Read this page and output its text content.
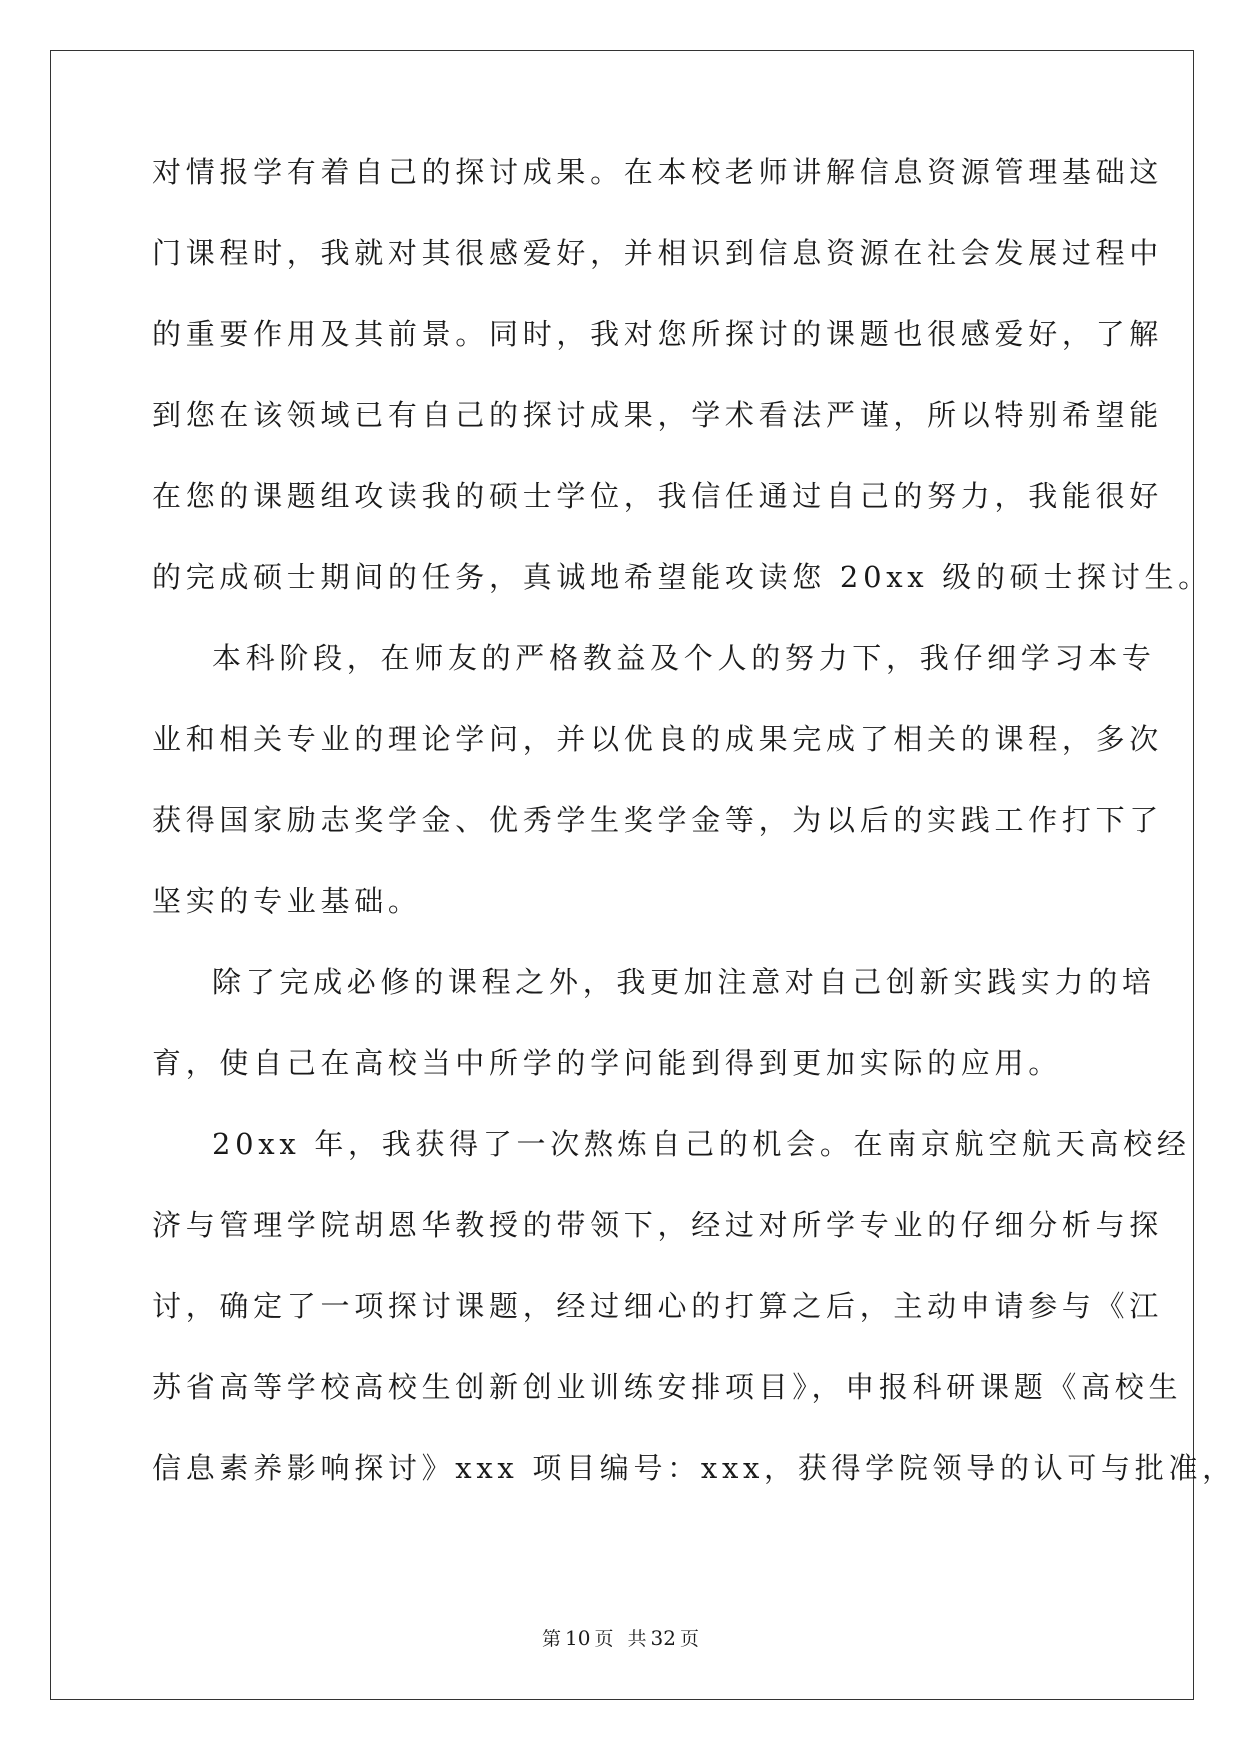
对情报学有着自己的探讨成果。在本校老师讲解信息资源管理基础这
门课程时，我就对其很感爱好，并相识到信息资源在社会发展过程中
的重要作用及其前景。同时，我对您所探讨的课题也很感爱好，了解
到您在该领域已有自己的探讨成果，学术看法严谨，所以特别希望能
在您的课题组攻读我的硕士学位，我信任通过自己的努力，我能很好
的完成硕士期间的任务，真诚地希望能攻读您 20xx 级的硕士探讨生。
本科阶段，在师友的严格教益及个人的努力下，我仔细学习本专
业和相关专业的理论学问，并以优良的成果完成了相关的课程，多次
获得国家励志奖学金、优秀学生奖学金等，为以后的实践工作打下了
坚实的专业基础。
除了完成必修的课程之外，我更加注意对自己创新实践实力的培
育，使自己在高校当中所学的学问能到得到更加实际的应用。
20xx 年，我获得了一次熬炼自己的机会。在南京航空航天高校经
济与管理学院胡恩华教授的带领下，经过对所学专业的仔细分析与探
讨，确定了一项探讨课题，经过细心的打算之后，主动申请参与《江
苏省高等学校高校生创新创业训练安排项目》，申报科研课题《高校生
信息素养影响探讨》xxx 项目编号：xxx，获得学院领导的认可与批准，
第 10 页 共 32 页
